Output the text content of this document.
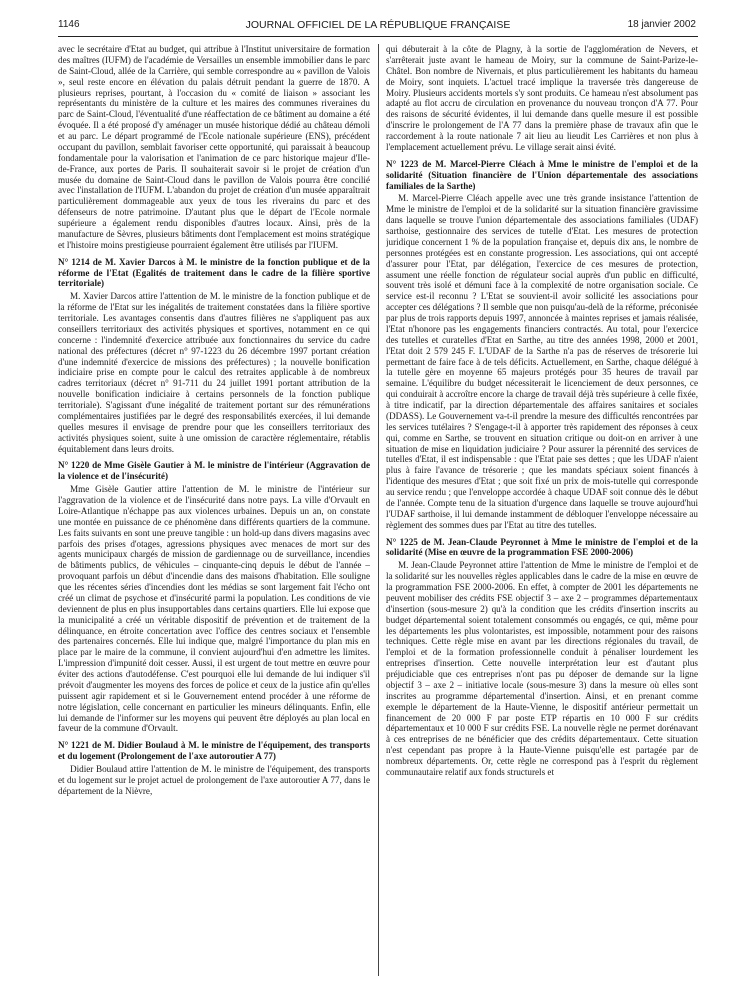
1146	JOURNAL OFFICIEL DE LA RÉPUBLIQUE FRANÇAISE	18 janvier 2002

avec le secrétaire d'Etat au budget, qui attribue à l'Institut universitaire de formation des maîtres (IUFM) de l'académie de Versailles un ensemble immobilier dans le parc de Saint-Cloud, allée de la Carrière, qui semble correspondre au « pavillon de Valois », seul reste encore en élévation du palais détruit pendant la guerre de 1870. A plusieurs reprises, pourtant, à l'occasion du « comité de liaison » associant les représentants du ministère de la culture et les maires des communes riveraines du parc de Saint-Cloud, l'éventualité d'une réaffectation de ce bâtiment au domaine a été évoquée. Il a été proposé d'y aménager un musée historique dédié au château démoli et au parc. Le départ programmé de l'Ecole nationale supérieure (ENS), précédent occupant du pavillon, semblait favoriser cette opportunité, qui paraissait à beaucoup fondamentale pour la valorisation et l'animation de ce parc historique majeur d'Ile-de-France, aux portes de Paris. Il souhaiterait savoir si le projet de création d'un musée du domaine de Saint-Cloud dans le pavillon de Valois pourra être concilié avec l'installation de l'IUFM. L'abandon du projet de création d'un musée apparaîtrait particulièrement dommageable aux yeux de tous les riverains du parc et des défenseurs de notre patrimoine. D'autant plus que le départ de l'Ecole normale supérieure a également rendu disponibles d'autres locaux. Ainsi, près de la manufacture de Sèvres, plusieurs bâtiments dont l'emplacement est moins stratégique et l'histoire moins prestigieuse pourraient également être utilisés par l'IUFM.

N° 1214 de M. Xavier Darcos à M. le ministre de la fonction publique et de la réforme de l'Etat (Egalités de traitement dans le cadre de la filière sportive territoriale)

M. Xavier Darcos attire l'attention de M. le ministre de la fonction publique et de la réforme de l'Etat sur les inégalités de traitement constatées dans la filière sportive territoriale. Les avantages consentis dans d'autres filières ne s'appliquent pas aux conseillers territoriaux des activités physiques et sportives, notamment en ce qui concerne : l'indemnité d'exercice attribuée aux fonctionnaires du service du cadre national des préfectures (décret n° 97-1223 du 26 décembre 1997 portant création d'une indemnité d'exercice de missions des préfectures) ; la nouvelle bonification indiciaire prise en compte pour le calcul des retraites applicable à de nombreux cadres territoriaux (décret n° 91-711 du 24 juillet 1991 portant attribution de la nouvelle bonification indiciaire à certains personnels de la fonction publique territoriale). S'agissant d'une inégalité de traitement portant sur des rémunérations complémentaires justifiées par le degré des responsabilités exercées, il lui demande quelles mesures il envisage de prendre pour que les conseillers territoriaux des activités physiques soient, suite à une omission de caractère réglementaire, rétablis équitablement dans leurs droits.

N° 1220 de Mme Gisèle Gautier à M. le ministre de l'intérieur (Aggravation de la violence et de l'insécurité)

Mme Gisèle Gautier attire l'attention de M. le ministre de l'intérieur sur l'aggravation de la violence et de l'insécurité dans notre pays. La ville d'Orvault en Loire-Atlantique n'échappe pas aux violences urbaines. Depuis un an, on constate une montée en puissance de ce phénomène dans différents quartiers de la commune. Les faits suivants en sont une preuve tangible : un hold-up dans divers magasins avec parfois des prises d'otages, agressions physiques avec menaces de mort sur des agents municipaux chargés de mission de gardiennage ou de surveillance, incendies de bâtiments publics, de véhicules – cinquante-cinq depuis le début de l'année – provoquant parfois un début d'incendie dans des maisons d'habitation. Elle souligne que les récentes séries d'incendies dont les médias se sont largement fait l'écho ont créé un climat de psychose et d'insécurité parmi la population. Les conditions de vie deviennent de plus en plus insupportables dans certains quartiers. Elle lui expose que la municipalité a créé un véritable dispositif de prévention et de traitement de la délinquance, en étroite concertation avec l'office des centres sociaux et l'ensemble des partenaires concernés. Elle lui indique que, malgré l'importance du plan mis en place par le maire de la commune, il convient aujourd'hui d'en admettre les limites. L'impression d'impunité doit cesser. Aussi, il est urgent de tout mettre en œuvre pour éviter des actions d'autodéfense. C'est pourquoi elle lui demande de lui indiquer s'il prévoit d'augmenter les moyens des forces de police et ceux de la justice afin qu'elles puissent agir rapidement et si le Gouvernement entend procéder à une réforme de notre législation, celle concernant en particulier les mineurs délinquants. Enfin, elle lui demande de l'informer sur les moyens qui peuvent être déployés au plan local en faveur de la commune d'Orvault.

N° 1221 de M. Didier Boulaud à M. le ministre de l'équipement, des transports et du logement (Prolongement de l'axe autoroutier A 77)

Didier Boulaud attire l'attention de M. le ministre de l'équipement, des transports et du logement sur le projet actuel de prolongement de l'axe autoroutier A 77, dans le département de la Nièvre,

qui débuterait à la côte de Plagny, à la sortie de l'agglomération de Nevers, et s'arrêterait juste avant le hameau de Moiry, sur la commune de Saint-Parize-le-Châtel. Bon nombre de Nivernais, et plus particulièrement les habitants du hameau de Moiry, sont inquiets. L'actuel tracé implique la traversée très dangereuse de Moiry. Plusieurs accidents mortels s'y sont produits. Ce hameau n'est absolument pas adapté au flot accru de circulation en provenance du nouveau tronçon d'A 77. Pour des raisons de sécurité évidentes, il lui demande dans quelle mesure il est possible d'inscrire le prolongement de l'A 77 dans la première phase de travaux afin que le raccordement à la route nationale 7 ait lieu au lieudit Les Carrières et non plus à l'emplacement actuellement prévu. Le village serait ainsi évité.

N° 1223 de M. Marcel-Pierre Cléach à Mme le ministre de l'emploi et de la solidarité (Situation financière de l'Union départementale des associations familiales de la Sarthe)

M. Marcel-Pierre Cléach appelle avec une très grande insistance l'attention de Mme le ministre de l'emploi et de la solidarité sur la situation financière gravissime dans laquelle se trouve l'union départementale des associations familiales (UDAF) sarthoise, gestionnaire des services de tutelle d'Etat. Les mesures de protection juridique concernent 1 % de la population française et, depuis dix ans, le nombre de personnes protégées est en constante progression. Les associations, qui ont accepté d'assurer pour l'Etat, par délégation, l'exercice de ces mesures de protection, assument une réelle fonction de régulateur social auprès d'un public en difficulté, souvent très isolé et démuni face à la complexité de notre organisation sociale. Ce service est-il reconnu ? L'Etat se souvient-il avoir sollicité les associations pour accepter ces délégations ? Il semble que non puisqu'au-delà de la réforme, préconisée par plus de trois rapports depuis 1997, annoncée à maintes reprises et jamais réalisée, l'Etat n'honore pas les engagements financiers contractés. Au total, pour l'exercice des tutelles et curatelles d'Etat en Sarthe, au titre des années 1998, 2000 et 2001, l'Etat doit 2 579 245 F. L'UDAF de la Sarthe n'a pas de réserves de trésorerie lui permettant de faire face à de tels déficits. Actuellement, en Sarthe, chaque délégué à la tutelle gère en moyenne 65 majeurs protégés pour 35 heures de travail par semaine. L'équilibre du budget nécessiterait le licenciement de deux personnes, ce qui conduirait à accroître encore la charge de travail déjà très supérieure à celle fixée, à titre indicatif, par la direction départementale des affaires sanitaires et sociales (DDASS). Le Gouvernement va-t-il prendre la mesure des difficultés rencontrées par les services tutélaires ? S'engage-t-il à apporter très rapidement des réponses à ceux qui, comme en Sarthe, se trouvent en situation critique ou doit-on en arriver à une situation de mise en liquidation judiciaire ? Pour assurer la pérennité des services de tutelles d'Etat, il est indispensable : que l'Etat paie ses dettes ; que les UDAF n'aient plus à faire l'avance de trésorerie ; que les mandats spéciaux soient financés à l'identique des mesures d'Etat ; que soit fixé un prix de mois-tutelle qui corresponde au service rendu ; que l'enveloppe accordée à chaque UDAF soit connue dès le début de l'année. Compte tenu de la situation d'urgence dans laquelle se trouve aujourd'hui l'UDAF sarthoise, il lui demande instamment de débloquer l'enveloppe nécessaire au règlement des sommes dues par l'Etat au titre des tutelles.

N° 1225 de M. Jean-Claude Peyronnet à Mme le ministre de l'emploi et de la solidarité (Mise en œuvre de la programmation FSE 2000-2006)

M. Jean-Claude Peyronnet attire l'attention de Mme le ministre de l'emploi et de la solidarité sur les nouvelles règles applicables dans le cadre de la mise en œuvre de la programmation FSE 2000-2006. En effet, à compter de 2001 les départements ne peuvent mobiliser des crédits FSE objectif 3 – axe 2 – programmes départementaux d'insertion (sous-mesure 2) qu'à la condition que les crédits d'insertion inscrits au budget départemental soient totalement consommés ou engagés, ce qui, même pour les départements les plus volontaristes, est impossible, notamment pour des raisons techniques. Cette règle mise en avant par les directions régionales du travail, de l'emploi et de la formation professionnelle conduit à pénaliser lourdement les entreprises d'insertion. Cette nouvelle interprétation leur est d'autant plus préjudiciable que ces entreprises n'ont pas pu déposer de demande sur la ligne objectif 3 – axe 2 – initiative locale (sous-mesure 3) dans la mesure où elles sont inscrites au programme départemental d'insertion. Ainsi, et en prenant comme exemple le département de la Haute-Vienne, le dispositif antérieur permettait un financement de 20 000 F par poste ETP répartis en 10 000 F sur crédits départementaux et 10 000 F sur crédits FSE. La nouvelle règle ne permet dorénavant à ces entreprises de ne bénéficier que des crédits départementaux. Cette situation n'est cependant pas propre à la Haute-Vienne puisqu'elle est partagée par de nombreux départements. Or, cette règle ne correspond pas à l'esprit du règlement communautaire relatif aux fonds structurels et
